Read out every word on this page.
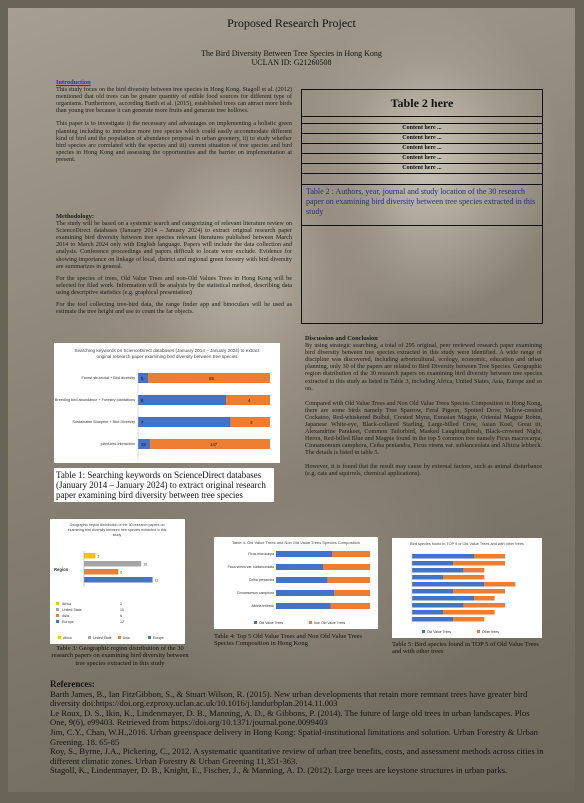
Proposed Research Project
The Bird Diversity Between Tree Species in Hong Kong
UCLAN ID: G21260508
Introduction
This study focus on the bird diversity between tree species in Hong Kong. Stagoll et al. (2012) mentioned that old trees can be greater quantity of edible food sources for different type of organisms. Furthermore, according Barth et al. (2015), established trees can attract more birds than young tree because it can generate more fruits and generate tree hollows.
This paper is to investigate i) the necessary and advantages on implementing a holistic green planning including to introduce more tree species which could easily accommodate different kind of bird and the population of abundance proposal in urban greenery, ii) to study whether bird species are correlated with the species and iii) current situation of tree species and bird species in Hong Kong and assessing the opportunities and the barrier on implementation at present.
Methodology:
The study will be based on a systemic search and categorizing of relevant literature review on ScienceDirect databases (January 2014 – January 2024) to extract original research paper examining bird diversity between tree species relevant literatures published between March 2014 to March 2024 only with English language. Papers will include the data collection and analysis. Conference proceedings and papers difficult to locate were exclude. Evidence for showing importance on linkage of local, district and regional green forestry with bird diversity are summarizes in general.
For the species of trees, Old Value Trees and non-Old Values Trees in Hong Kong will be selected for filed work. Information will be analysis by the statistical method, describing data using descriptive statistics (e.g. graphical presentation)
For the tool collecting tree-bird data, the range finder app and binoculars will be used as estimate the tree height and use to count the far objects.
Table 2 here
Content here ...
Content here ...
Content here ...
Content here ...
Content here ...
Table 2 : Authors, year, journal and study location of the 30 research paper on examining bird diversity between tree species extracted in this study
Discussion and Conclusion
By using strategic searching, a total of 295 original, peer reviewed research paper examining bird diversity between tree species extracted in this study were identified. A wide range of discipline was discovered, including arboricultural, ecology, economic, education and urban planning, only 30 of the papers are related to Bird Diversity between Tree Species. Geographic region distribution of the 30 research papers on examining bird diversity between tree species extracted in this study as listed in Table 3, including Africa, United States, Asia, Europe and so on.
Compared with Old Value Trees and Non Old Value Trees Species Composition in Hong Kong, there are some birds namely Tree Sparrow, Feral Pigeon, Spotted Dove, Yellow-crested Cockatoo, Red-whiskered Bulbul, Crested Myna, Eurasian Magpie, Oriental Magpie Robin, Japanese White-eye, Black-collared Starling, Large-billed Crow, Asian Koel, Great tit, Alexandrine Parakeet, Common Tailorbird, Masked Laughingthrush, Black-crowned Night, Heron, Red-billed Blue and Magpie found in the top 5 common tree namely Ficus macrocarpa, Cinnamomum camphora, Ceiba pentandra, Ficus virens var. sublanceolata and Albizia lebbeck. The details is listed in table 5.
However, it is found that the result may cause by external factors, such as animal disturbance (e.g. cats and squirrels, chemical applications).
Searching keywords on ScienceDirect databases (January 2014 – January 2024) to extract
original research paper examining bird diversity between tree species
Forest structural + Bird diversity 5	59
Breeding bird abundance + Forestry plantations 8	4
Sustainable Blueprint + Bird Diversity 7	3
plant-bird interaction 15	147
Table 1: Searching keywords on ScienceDirect databases (January 2014 – January 2024) to extract original research paper examining bird diversity between tree species
Geographic region distribution of the 30 research papers on
examining bird diversity between tree species extracted in this
study
Region
2
10
6
12
Africa	2
United State	10
Asia	6
Europe	12
Africa	United State	Asia	Europe
Table 3: Geographic region distribution of the 30 research papers on examining bird diversity between tree species extracted in this study
Table 4. Old Value Trees and Non Old Value Trees Species Composition
Ficus microcarpa
Ficus virens var. sublanceolata
Ceiba pentandra
Cinnamomum camphora
Albizia lebbeck
Old Value Trees	Non Old Value Trees
Table 4: Top 5 Old Value Trees and Non Old Value Trees Species Composition in Hong Kong
Bird species found in TOP 5 of Old Value Trees and with other trees
Old Value Trees	Other trees
Table 5: Bird species found in TOP 5 of Old Value Trees and with other trees
References:

Barth James, B., Ian FitzGibbon, S., & Stuart Wilson, R. (2015). New urban developments that retain more remnant trees have greater bird diversity doi:https://doi.org.ezproxy.uclan.ac.uk/10.1016/j.landurbplan.2014.11.003

Le Roux, D. S., Ikin, K., Lindenmayer, D. B., Manning, A. D., & Gibbons, P. (2014). The future of large old trees in urban landscapes. Plos One, 9(6), e99403. Retrieved from https://doi.org/10.1371/journal.pone.0099403

Jim, C.Y., Chan, W.H.,2016. Urban greenspace delivery in Hong Kong: Spatial-institutional limitations and solution. Urban Forestry & Urban Greening. 18. 65-85

Roy, S., Byrne, J.A., Pickering, C., 2012. A systematic quantitative review of urban tree benefits, costs, and assessment methods across cities in different climatic zones. Urban Forestry & Urban Greening 11,351-363.

Stagoll, K., Lindenmayer, D. B., Knight, E., Fischer, J., & Manning, A. D. (2012). Large trees are keystone structures in urban parks.
